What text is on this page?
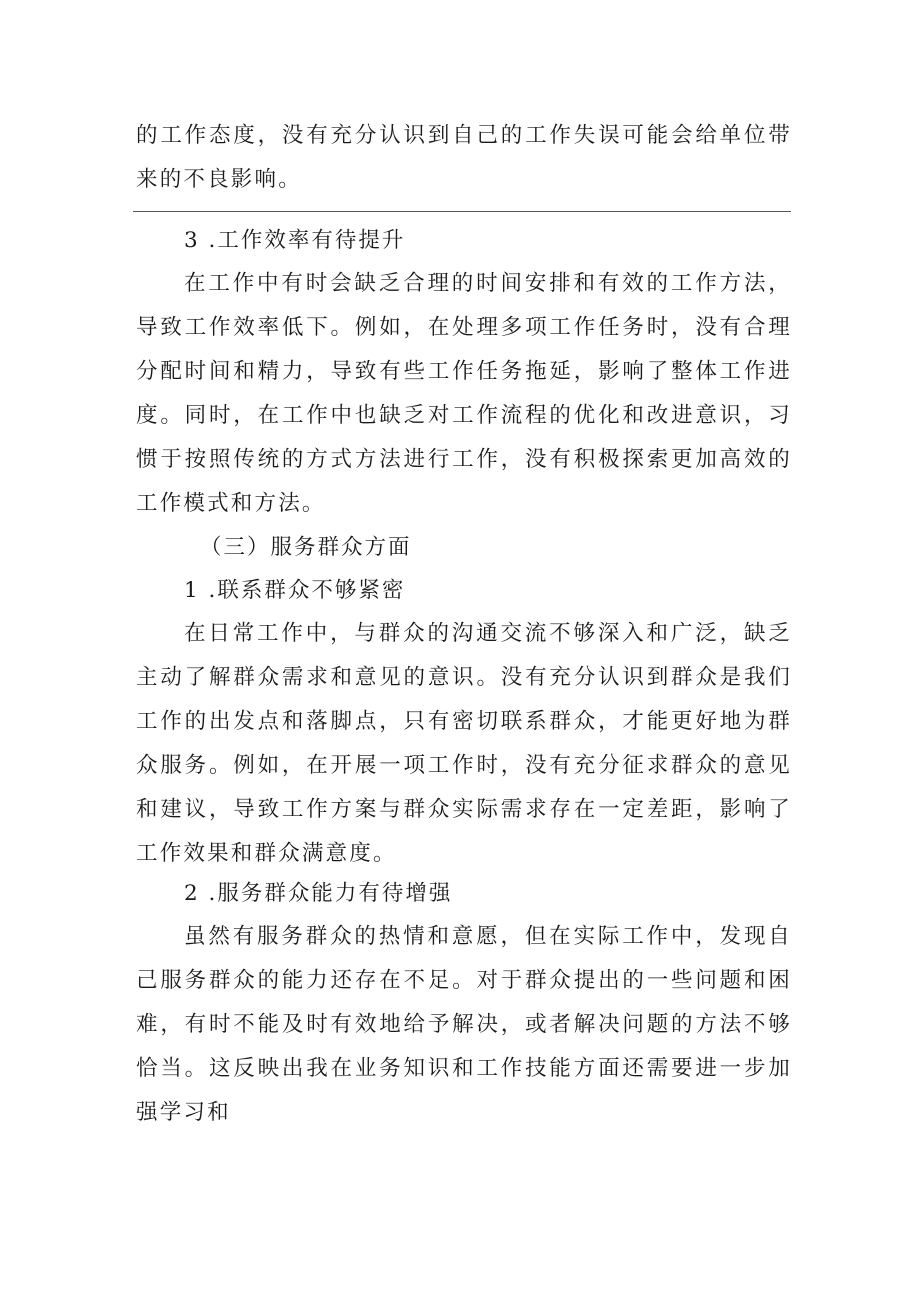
的工作态度，没有充分认识到自己的工作失误可能会给单位带来的不良影响。

3 .工作效率有待提升

在工作中有时会缺乏合理的时间安排和有效的工作方法，导致工作效率低下。例如，在处理多项工作任务时，没有合理分配时间和精力，导致有些工作任务拖延，影响了整体工作进度。同时，在工作中也缺乏对工作流程的优化和改进意识，习惯于按照传统的方式方法进行工作，没有积极探索更加高效的工作模式和方法。

（三）服务群众方面

1 .联系群众不够紧密

在日常工作中，与群众的沟通交流不够深入和广泛，缺乏主动了解群众需求和意见的意识。没有充分认识到群众是我们工作的出发点和落脚点，只有密切联系群众，才能更好地为群众服务。例如，在开展一项工作时，没有充分征求群众的意见和建议，导致工作方案与群众实际需求存在一定差距，影响了工作效果和群众满意度。

2 .服务群众能力有待增强

虽然有服务群众的热情和意愿，但在实际工作中，发现自己服务群众的能力还存在不足。对于群众提出的一些问题和困难，有时不能及时有效地给予解决，或者解决问题的方法不够恰当。这反映出我在业务知识和工作技能方面还需要进一步加强学习和
